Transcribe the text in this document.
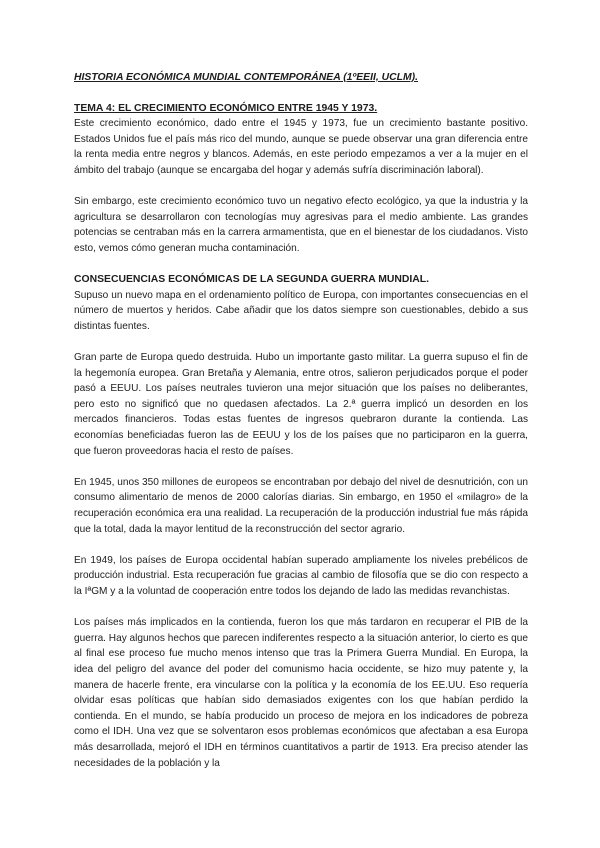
HISTORIA ECONÓMICA MUNDIAL CONTEMPORÁNEA (1ºEEII, UCLM).
TEMA 4: EL CRECIMIENTO ECONÓMICO ENTRE 1945 Y 1973.

Este crecimiento económico, dado entre el 1945 y 1973, fue un crecimiento bastante positivo. Estados Unidos fue el país más rico del mundo, aunque se puede observar una gran diferencia entre la renta media entre negros y blancos. Además, en este periodo empezamos a ver a la mujer en el ámbito del trabajo (aunque se encargaba del hogar y además sufría discriminación laboral).

Sin embargo, este crecimiento económico tuvo un negativo efecto ecológico, ya que la industria y la agricultura se desarrollaron con tecnologías muy agresivas para el medio ambiente. Las grandes potencias se centraban más en la carrera armamentista, que en el bienestar de los ciudadanos. Visto esto, vemos cómo generan mucha contaminación.

CONSECUENCIAS ECONÓMICAS DE LA SEGUNDA GUERRA MUNDIAL.

Supuso un nuevo mapa en el ordenamiento político de Europa, con importantes consecuencias en el número de muertos y heridos. Cabe añadir que los datos siempre son cuestionables, debido a sus distintas fuentes.

Gran parte de Europa quedo destruida. Hubo un importante gasto militar. La guerra supuso el fin de la hegemonía europea. Gran Bretaña y Alemania, entre otros, salieron perjudicados porque el poder pasó a EEUU. Los países neutrales tuvieron una mejor situación que los países no deliberantes, pero esto no significó que no quedasen afectados. La 2.ª guerra implicó un desorden en los mercados financieros. Todas estas fuentes de ingresos quebraron durante la contienda. Las economías beneficiadas fueron las de EEUU y los de los países que no participaron en la guerra, que fueron proveedoras hacia el resto de países.

En 1945, unos 350 millones de europeos se encontraban por debajo del nivel de desnutrición, con un consumo alimentario de menos de 2000 calorías diarias. Sin embargo, en 1950 el «milagro» de la recuperación económica era una realidad. La recuperación de la producción industrial fue más rápida que la total, dada la mayor lentitud de la reconstrucción del sector agrario.

En 1949, los países de Europa occidental habían superado ampliamente los niveles prebélicos de producción industrial. Esta recuperación fue gracias al cambio de filosofía que se dio con respecto a la IªGM y a la voluntad de cooperación entre todos los dejando de lado las medidas revanchistas.

Los países más implicados en la contienda, fueron los que más tardaron en recuperar el PIB de la guerra. Hay algunos hechos que parecen indiferentes respecto a la situación anterior, lo cierto es que al final ese proceso fue mucho menos intenso que tras la Primera Guerra Mundial. En Europa, la idea del peligro del avance del poder del comunismo hacia occidente, se hizo muy patente y, la manera de hacerle frente, era vincularse con la política y la economía de los EE.UU. Eso requería olvidar esas políticas que habían sido demasiados exigentes con los que habían perdido la contienda. En el mundo, se había producido un proceso de mejora en los indicadores de pobreza como el IDH. Una vez que se solventaron esos problemas económicos que afectaban a esa Europa más desarrollada, mejoró el IDH en términos cuantitativos a partir de 1913. Era preciso atender las necesidades de la población y la
